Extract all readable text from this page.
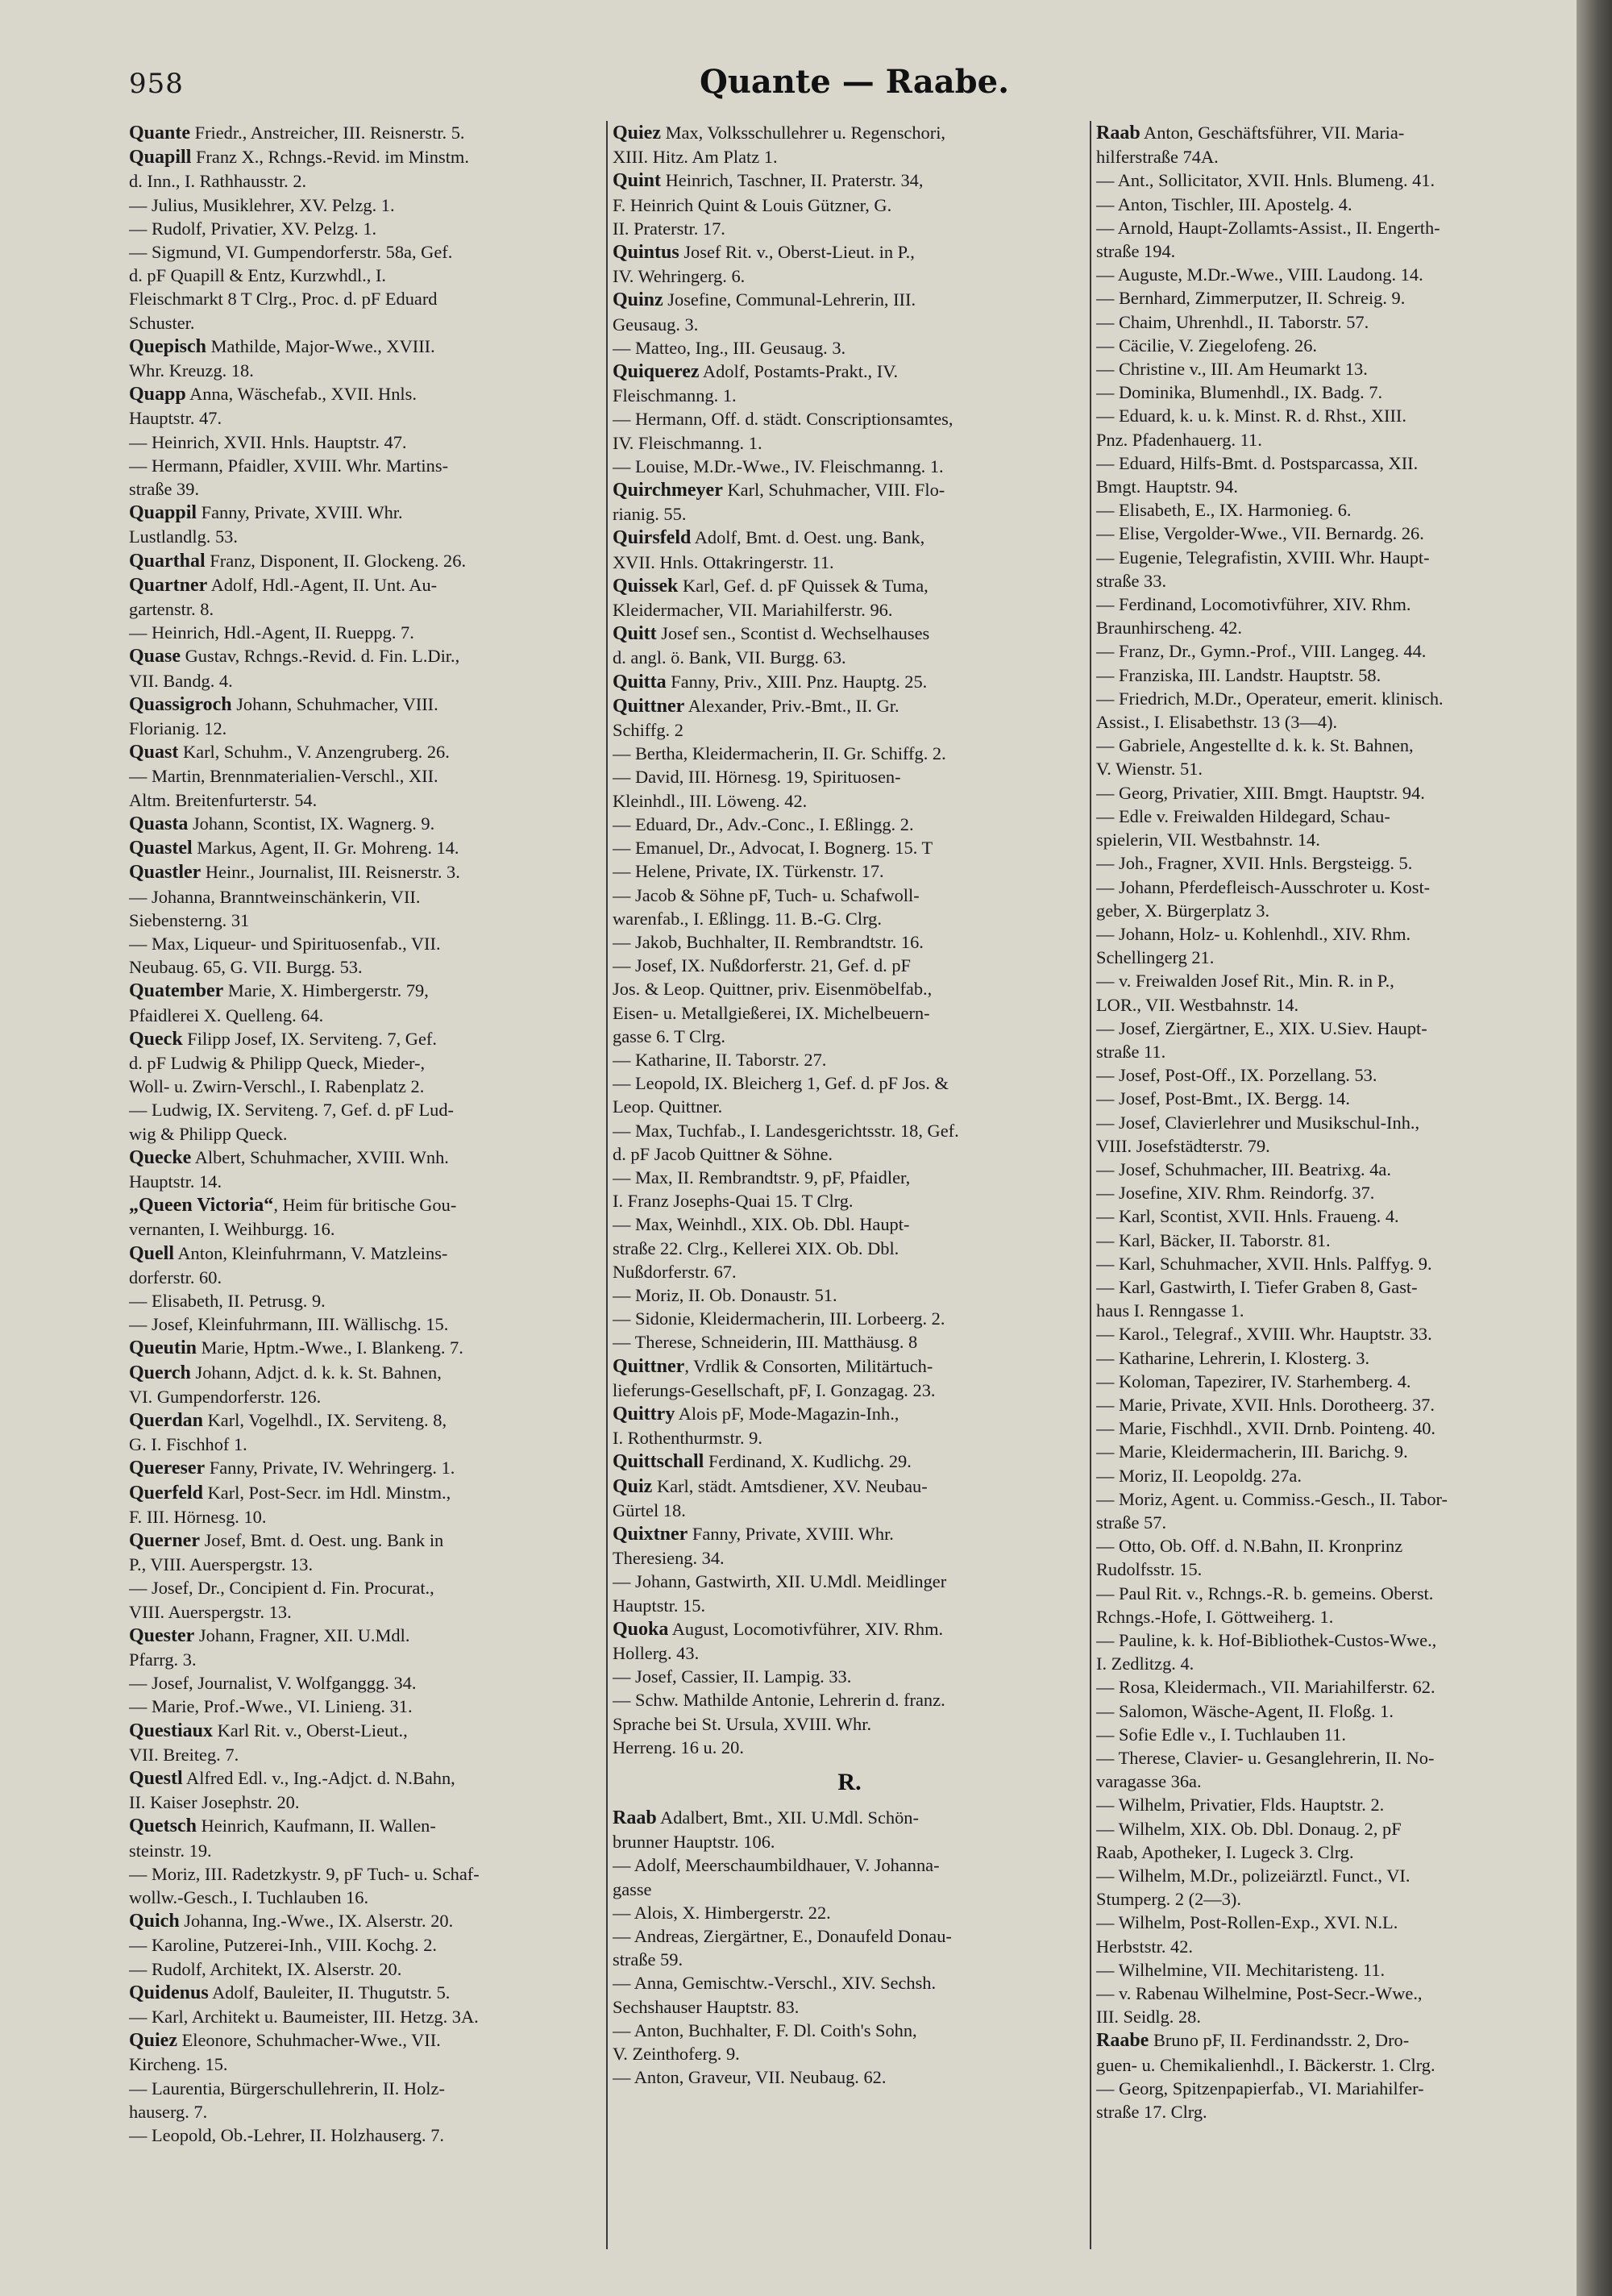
958	Quante — Raabe.
Quante Friedr., Anstreicher, III. Reisnerstr. 5.
Quapill Franz X., Rchngs.-Revid. im Minstm.
d. Inn., I. Rathhausstr. 2.
— Julius, Musiklehrer, XV. Pelzg. 1.
— Rudolf, Privatier, XV. Pelzg. 1.
— Sigmund, VI. Gumpendorferstr. 58a, Gef.
d. pF Quapill & Entz, Kurzwhdl., I.
Fleischmarkt 8 T Clrg., Proc. d. pF Eduard
Schuster.
Quepisch Mathilde, Major-Wwe., XVIII.
Whr. Kreuzg. 18.
Quapp Anna, Wäschefab., XVII. Hnls.
Hauptstr. 47.
— Heinrich, XVII. Hnls. Hauptstr. 47.
— Hermann, Pfaidler, XVIII. Whr. Martins-
straße 39.
Quappil Fanny, Private, XVIII. Whr.
Lustlandlg. 53.
Quarthal Franz, Disponent, II. Glockeng. 26.
Quartner Adolf, Hdl.-Agent, II. Unt. Au-
gartenstr. 8.
— Heinrich, Hdl.-Agent, II. Rueppg. 7.
Quase Gustav, Rchngs.-Revid. d. Fin. L.Dir.,
VII. Bandg. 4.
Quassigroch Johann, Schuhmacher, VIII.
Florianig. 12.
Quast Karl, Schuhm., V. Anzengruberg. 26.
— Martin, Brennmaterialien-Verschl., XII.
Altm. Breitenfurterstr. 54.
Quasta Johann, Scontist, IX. Wagnerg. 9.
Quastel Markus, Agent, II. Gr. Mohreng. 14.
Quastler Heinr., Journalist, III. Reisnerstr. 3.
— Johanna, Branntweinschänkerin, VII.
Siebensterng. 31
— Max, Liqueur- und Spirituosenfab., VII.
Neubaug. 65, G. VII. Burgg. 53.
Quatember Marie, X. Himbergerstr. 79,
Pfaidlerei X. Quelleng. 64.
Queck Filipp Josef, IX. Serviteng. 7, Gef.
d. pF Ludwig & Philipp Queck, Mieder-,
Woll- u. Zwirn-Verschl., I. Rabenplatz 2.
— Ludwig, IX. Serviteng. 7, Gef. d. pF Lud-
wig & Philipp Queck.
Quecke Albert, Schuhmacher, XVIII. Wnh.
Hauptstr. 14.
„Queen Victoria“, Heim für britische Gou-
vernanten, I. Weihburgg. 16.
Quell Anton, Kleinfuhrmann, V. Matzleins-
dorferstr. 60.
— Elisabeth, II. Petrusg. 9.
— Josef, Kleinfuhrmann, III. Wällischg. 15.
Queutin Marie, Hptm.-Wwe., I. Blankeng. 7.
Querch Johann, Adjct. d. k. k. St. Bahnen,
VI. Gumpendorferstr. 126.
Querdan Karl, Vogelhdl., IX. Serviteng. 8,
G. I. Fischhof 1.
Quereser Fanny, Private, IV. Wehringerg. 1.
Querfeld Karl, Post-Secr. im Hdl. Minstm.,
F. III. Hörnesg. 10.
Querner Josef, Bmt. d. Oest. ung. Bank in
P., VIII. Auerspergstr. 13.
— Josef, Dr., Concipient d. Fin. Procurat.,
VIII. Auerspergstr. 13.
Quester Johann, Fragner, XII. U.Mdl.
Pfarrg. 3.
— Josef, Journalist, V. Wolfganggg. 34.
— Marie, Prof.-Wwe., VI. Linieng. 31.
Questiaux Karl Rit. v., Oberst-Lieut.,
VII. Breiteg. 7.
Questl Alfred Edl. v., Ing.-Adjct. d. N.Bahn,
II. Kaiser Josephstr. 20.
Quetsch Heinrich, Kaufmann, II. Wallen-
steinstr. 19.
— Moriz, III. Radetzkystr. 9, pF Tuch- u. Schaf-
wollw.-Gesch., I. Tuchlauben 16.
Quich Johanna, Ing.-Wwe., IX. Alserstr. 20.
— Karoline, Putzerei-Inh., VIII. Kochg. 2.
— Rudolf, Architekt, IX. Alserstr. 20.
Quidenus Adolf, Bauleiter, II. Thugutstr. 5.
— Karl, Architekt u. Baumeister, III. Hetzg. 3A.
Quiez Eleonore, Schuhmacher-Wwe., VII.
Kircheng. 15.
— Laurentia, Bürgerschullehrerin, II. Holz-
hauserg. 7.
— Leopold, Ob.-Lehrer, II. Holzhauserg. 7.
Quiez Max, Volksschullehrer u. Regenschori,
XIII. Hitz. Am Platz 1.
Quint Heinrich, Taschner, II. Praterstr. 34,
F. Heinrich Quint & Louis Gützner, G.
II. Praterstr. 17.
Quintus Josef Rit. v., Oberst-Lieut. in P.,
IV. Wehringerg. 6.
Quinz Josefine, Communal-Lehrerin, III.
Geusaug. 3.
— Matteo, Ing., III. Geusaug. 3.
Quiquerez Adolf, Postamts-Prakt., IV.
Fleischmanng. 1.
— Hermann, Off. d. städt. Conscriptionsamtes,
IV. Fleischmanng. 1.
— Louise, M.Dr.-Wwe., IV. Fleischmanng. 1.
Quirchmeyer Karl, Schuhmacher, VIII. Flo-
rianig. 55.
Quirsfeld Adolf, Bmt. d. Oest. ung. Bank,
XVII. Hnls. Ottakringerstr. 11.
Quissek Karl, Gef. d. pF Quissek & Tuma,
Kleidermacher, VII. Mariahilferstr. 96.
Quitt Josef sen., Scontist d. Wechselhauses
d. angl. ö. Bank, VII. Burgg. 63.
Quitta Fanny, Priv., XIII. Pnz. Hauptg. 25.
Quittner Alexander, Priv.-Bmt., II. Gr.
Schiffg. 2
— Bertha, Kleidermacherin, II. Gr. Schiffg. 2.
— David, III. Hörnesg. 19, Spirituosen-
Kleinhdl., III. Löweng. 42.
— Eduard, Dr., Adv.-Conc., I. Eßlingg. 2.
— Emanuel, Dr., Advocat, I. Bognerg. 15. T
— Helene, Private, IX. Türkenstr. 17.
— Jacob & Söhne pF, Tuch- u. Schafwoll-
warenfab., I. Eßlingg. 11. B.-G. Clrg.
— Jakob, Buchhalter, II. Rembrandtstr. 16.
— Josef, IX. Nußdorferstr. 21, Gef. d. pF
Jos. & Leop. Quittner, priv. Eisenmöbelfab.,
Eisen- u. Metallgießerei, IX. Michelbeuern-
gasse 6. T Clrg.
— Katharine, II. Taborstr. 27.
— Leopold, IX. Bleicherg 1, Gef. d. pF Jos. &
Leop. Quittner.
— Max, Tuchfab., I. Landesgerichtsstr. 18, Gef.
d. pF Jacob Quittner & Söhne.
— Max, II. Rembrandtstr. 9, pF, Pfaidler,
I. Franz Josephs-Quai 15. T Clrg.
— Max, Weinhdl., XIX. Ob. Dbl. Haupt-
straße 22. Clrg., Kellerei XIX. Ob. Dbl.
Nußdorferstr. 67.
— Moriz, II. Ob. Donaustr. 51.
— Sidonie, Kleidermacherin, III. Lorbeerg. 2.
— Therese, Schneiderin, III. Matthäusg. 8
Quittner, Vrdlik & Consorten, Militärtuch-
lieferungs-Gesellschaft, pF, I. Gonzagag. 23.
Quittry Alois pF, Mode-Magazin-Inh.,
I. Rothenthurmstr. 9.
Quittschall Ferdinand, X. Kudlichg. 29.
Quiz Karl, städt. Amtsdiener, XV. Neubau-
Gürtel 18.
Quixtner Fanny, Private, XVIII. Whr.
Theresieng. 34.
— Johann, Gastwirth, XII. U.Mdl. Meidlinger
Hauptstr. 15.
Quoka August, Locomotivführer, XIV. Rhm.
Hollerg. 43.
— Josef, Cassier, II. Lampig. 33.
— Schw. Mathilde Antonie, Lehrerin d. franz.
Sprache bei St. Ursula, XVIII. Whr.
Herreng. 16 u. 20.
R.
Raab Adalbert, Bmt., XII. U.Mdl. Schön-
brunner Hauptstr. 106.
— Adolf, Meerschaumbildhauer, V. Johanna-
gasse
— Alois, X. Himbergerstr. 22.
— Andreas, Ziergärtner, E., Donaufeld Donau-
straße 59.
— Anna, Gemischtw.-Verschl., XIV. Sechsh.
Sechshauser Hauptstr. 83.
— Anton, Buchhalter, F. Dl. Coith's Sohn,
V. Zeinthoferg. 9.
— Anton, Graveur, VII. Neubaug. 62.
Raab Anton, Geschäftsführer, VII. Maria-
hilferstraße 74A.
— Ant., Sollicitator, XVII. Hnls. Blumeng. 41.
— Anton, Tischler, III. Apostelg. 4.
— Arnold, Haupt-Zollamts-Assist., II. Engerth-
straße 194.
— Auguste, M.Dr.-Wwe., VIII. Laudong. 14.
— Bernhard, Zimmerputzer, II. Schreig. 9.
— Chaim, Uhrenhdl., II. Taborstr. 57.
— Cäcilie, V. Ziegelofeng. 26.
— Christine v., III. Am Heumarkt 13.
— Dominika, Blumenhdl., IX. Badg. 7.
— Eduard, k. u. k. Minst. R. d. Rhst., XIII.
Pnz. Pfadenhauerg. 11.
— Eduard, Hilfs-Bmt. d. Postsparcassa, XII.
Bmgt. Hauptstr. 94.
— Elisabeth, E., IX. Harmonieg. 6.
— Elise, Vergolder-Wwe., VII. Bernardg. 26.
— Eugenie, Telegrafistin, XVIII. Whr. Haupt-
straße 33.
— Ferdinand, Locomotivführer, XIV. Rhm.
Braunhirscheng. 42.
— Franz, Dr., Gymn.-Prof., VIII. Langeg. 44.
— Franziska, III. Landstr. Hauptstr. 58.
— Friedrich, M.Dr., Operateur, emerit. klinisch.
Assist., I. Elisabethstr. 13 (3—4).
— Gabriele, Angestellte d. k. k. St. Bahnen,
V. Wienstr. 51.
— Georg, Privatier, XIII. Bmgt. Hauptstr. 94.
— Edle v. Freiwalden Hildegard, Schau-
spielerin, VII. Westbahnstr. 14.
— Joh., Fragner, XVII. Hnls. Bergsteigg. 5.
— Johann, Pferdefleisch-Ausschroter u. Kost-
geber, X. Bürgerplatz 3.
— Johann, Holz- u. Kohlenhdl., XIV. Rhm.
Schellingerg 21.
— v. Freiwalden Josef Rit., Min. R. in P.,
LOR., VII. Westbahnstr. 14.
— Josef, Ziergärtner, E., XIX. U.Siev. Haupt-
straße 11.
— Josef, Post-Off., IX. Porzellang. 53.
— Josef, Post-Bmt., IX. Bergg. 14.
— Josef, Clavierlehrer und Musikschul-Inh.,
VIII. Josefstädterstr. 79.
— Josef, Schuhmacher, III. Beatrixg. 4a.
— Josefine, XIV. Rhm. Reindorfg. 37.
— Karl, Scontist, XVII. Hnls. Fraueng. 4.
— Karl, Bäcker, II. Taborstr. 81.
— Karl, Schuhmacher, XVII. Hnls. Palffyg. 9.
— Karl, Gastwirth, I. Tiefer Graben 8, Gast-
haus I. Renngasse 1.
— Karol., Telegraf., XVIII. Whr. Hauptstr. 33.
— Katharine, Lehrerin, I. Klosterg. 3.
— Koloman, Tapezirer, IV. Starhemberg. 4.
— Marie, Private, XVII. Hnls. Dorotheerg. 37.
— Marie, Fischhdl., XVII. Drnb. Pointeng. 40.
— Marie, Kleidermacherin, III. Barichg. 9.
— Moriz, II. Leopoldg. 27a.
— Moriz, Agent. u. Commiss.-Gesch., II. Tabor-
straße 57.
— Otto, Ob. Off. d. N.Bahn, II. Kronprinz
Rudolfsstr. 15.
— Paul Rit. v., Rchngs.-R. b. gemeins. Oberst.
Rchngs.-Hofe, I. Göttweiherg. 1.
— Pauline, k. k. Hof-Bibliothek-Custos-Wwe.,
I. Zedlitzg. 4.
— Rosa, Kleidermach., VII. Mariahilferstr. 62.
— Salomon, Wäsche-Agent, II. Floßg. 1.
— Sofie Edle v., I. Tuchlauben 11.
— Therese, Clavier- u. Gesanglehrerin, II. No-
varagasse 36a.
— Wilhelm, Privatier, Flds. Hauptstr. 2.
— Wilhelm, XIX. Ob. Dbl. Donaug. 2, pF
Raab, Apotheker, I. Lugeck 3. Clrg.
— Wilhelm, M.Dr., polizeiärztl. Funct., VI.
Stumperg. 2 (2—3).
— Wilhelm, Post-Rollen-Exp., XVI. N.L.
Herbststr. 42.
— Wilhelmine, VII. Mechitaristeng. 11.
— v. Rabenau Wilhelmine, Post-Secr.-Wwe.,
III. Seidlg. 28.
Raabe Bruno pF, II. Ferdinandsstr. 2, Dro-
guen- u. Chemikalienhdl., I. Bäckerstr. 1. Clrg.
— Georg, Spitzenpapierfab., VI. Mariahilfer-
straße 17. Clrg.
